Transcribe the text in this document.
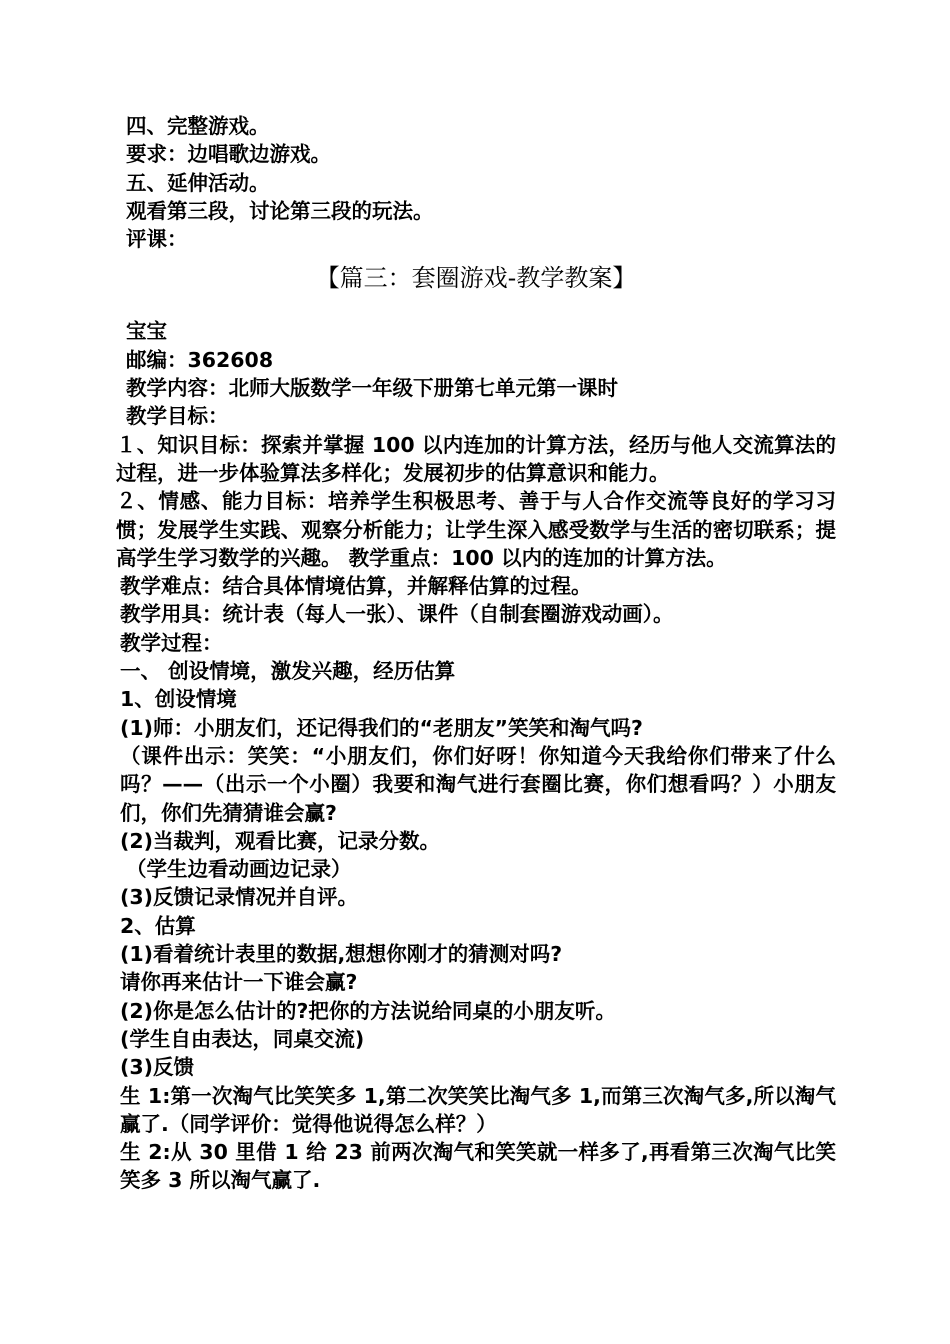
四、完整游戏。
要求：边唱歌边游戏。
五、延伸活动。
观看第三段，讨论第三段的玩法。
评课：
【篇三：套圈游戏-教学教案】
宝宝
邮编：362608
教学内容：北师大版数学一年级下册第七单元第一课时
教学目标：
１、知识目标：探索并掌握 100 以内连加的计算方法，经历与他人交流算法的过程，进一步体验算法多样化；发展初步的估算意识和能力。
２、情感、能力目标：培养学生积极思考、善于与人合作交流等良好的学习习惯；发展学生实践、观察分析能力；让学生深入感受数学与生活的密切联系；提高学生学习数学的兴趣。 教学重点：100 以内的连加的计算方法。
教学难点：结合具体情境估算，并解释估算的过程。
教学用具：统计表（每人一张）、课件（自制套圈游戏动画）。
教学过程：
一、 创设情境，激发兴趣，经历估算
1、创设情境
(1)师：小朋友们，还记得我们的“老朋友”笑笑和淘气吗?
（课件出示：笑笑：“小朋友们，你们好呀！你知道今天我给你们带来了什么吗？——（出示一个小圈）我要和淘气进行套圈比赛，你们想看吗？）小朋友们，你们先猜猜谁会赢?
(2)当裁判，观看比赛，记录分数。
（学生边看动画边记录）
(3)反馈记录情况并自评。
2、估算
(1)看着统计表里的数据,想想你刚才的猜测对吗?
请你再来估计一下谁会赢?
(2)你是怎么估计的?把你的方法说给同桌的小朋友听。
(学生自由表达，同桌交流)
(3)反馈
生 1:第一次淘气比笑笑多 1,第二次笑笑比淘气多 1,而第三次淘气多,所以淘气赢了.（同学评价：觉得他说得怎么样？）
生 2:从 30 里借 1 给 23 前两次淘气和笑笑就一样多了,再看第三次淘气比笑笑多 3 所以淘气赢了.
